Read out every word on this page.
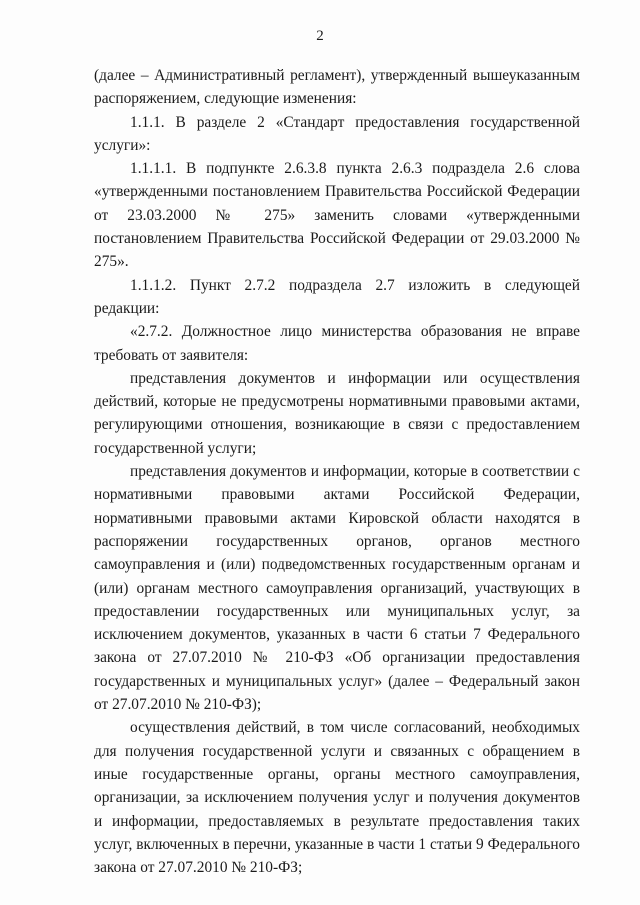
2

(далее – Административный регламент), утвержденный вышеуказанным распоряжением, следующие изменения:

1.1.1. В разделе 2 «Стандарт предоставления государственной услуги»:

1.1.1.1. В подпункте 2.6.3.8 пункта 2.6.3 подраздела 2.6 слова «утвержденными постановлением Правительства Российской Федерации от 23.03.2000 № 275» заменить словами «утвержденными постановлением Правительства Российской Федерации от 29.03.2000 № 275».

1.1.1.2. Пункт 2.7.2 подраздела 2.7 изложить в следующей редакции:

«2.7.2. Должностное лицо министерства образования не вправе требовать от заявителя:

представления документов и информации или осуществления действий, которые не предусмотрены нормативными правовыми актами, регулирующими отношения, возникающие в связи с предоставлением государственной услуги;

представления документов и информации, которые в соответствии с нормативными правовыми актами Российской Федерации, нормативными правовыми актами Кировской области находятся в распоряжении государственных органов, органов местного самоуправления и (или) подведомственных государственным органам и (или) органам местного самоуправления организаций, участвующих в предоставлении государственных или муниципальных услуг, за исключением документов, указанных в части 6 статьи 7 Федерального закона от 27.07.2010 № 210-ФЗ «Об организации предоставления государственных и муниципальных услуг» (далее – Федеральный закон от 27.07.2010 № 210-ФЗ);

осуществления действий, в том числе согласований, необходимых для получения государственной услуги и связанных с обращением в иные государственные органы, органы местного самоуправления, организации, за исключением получения услуг и получения документов и информации, предоставляемых в результате предоставления таких услуг, включенных в перечни, указанные в части 1 статьи 9 Федерального закона от 27.07.2010 № 210-ФЗ;
